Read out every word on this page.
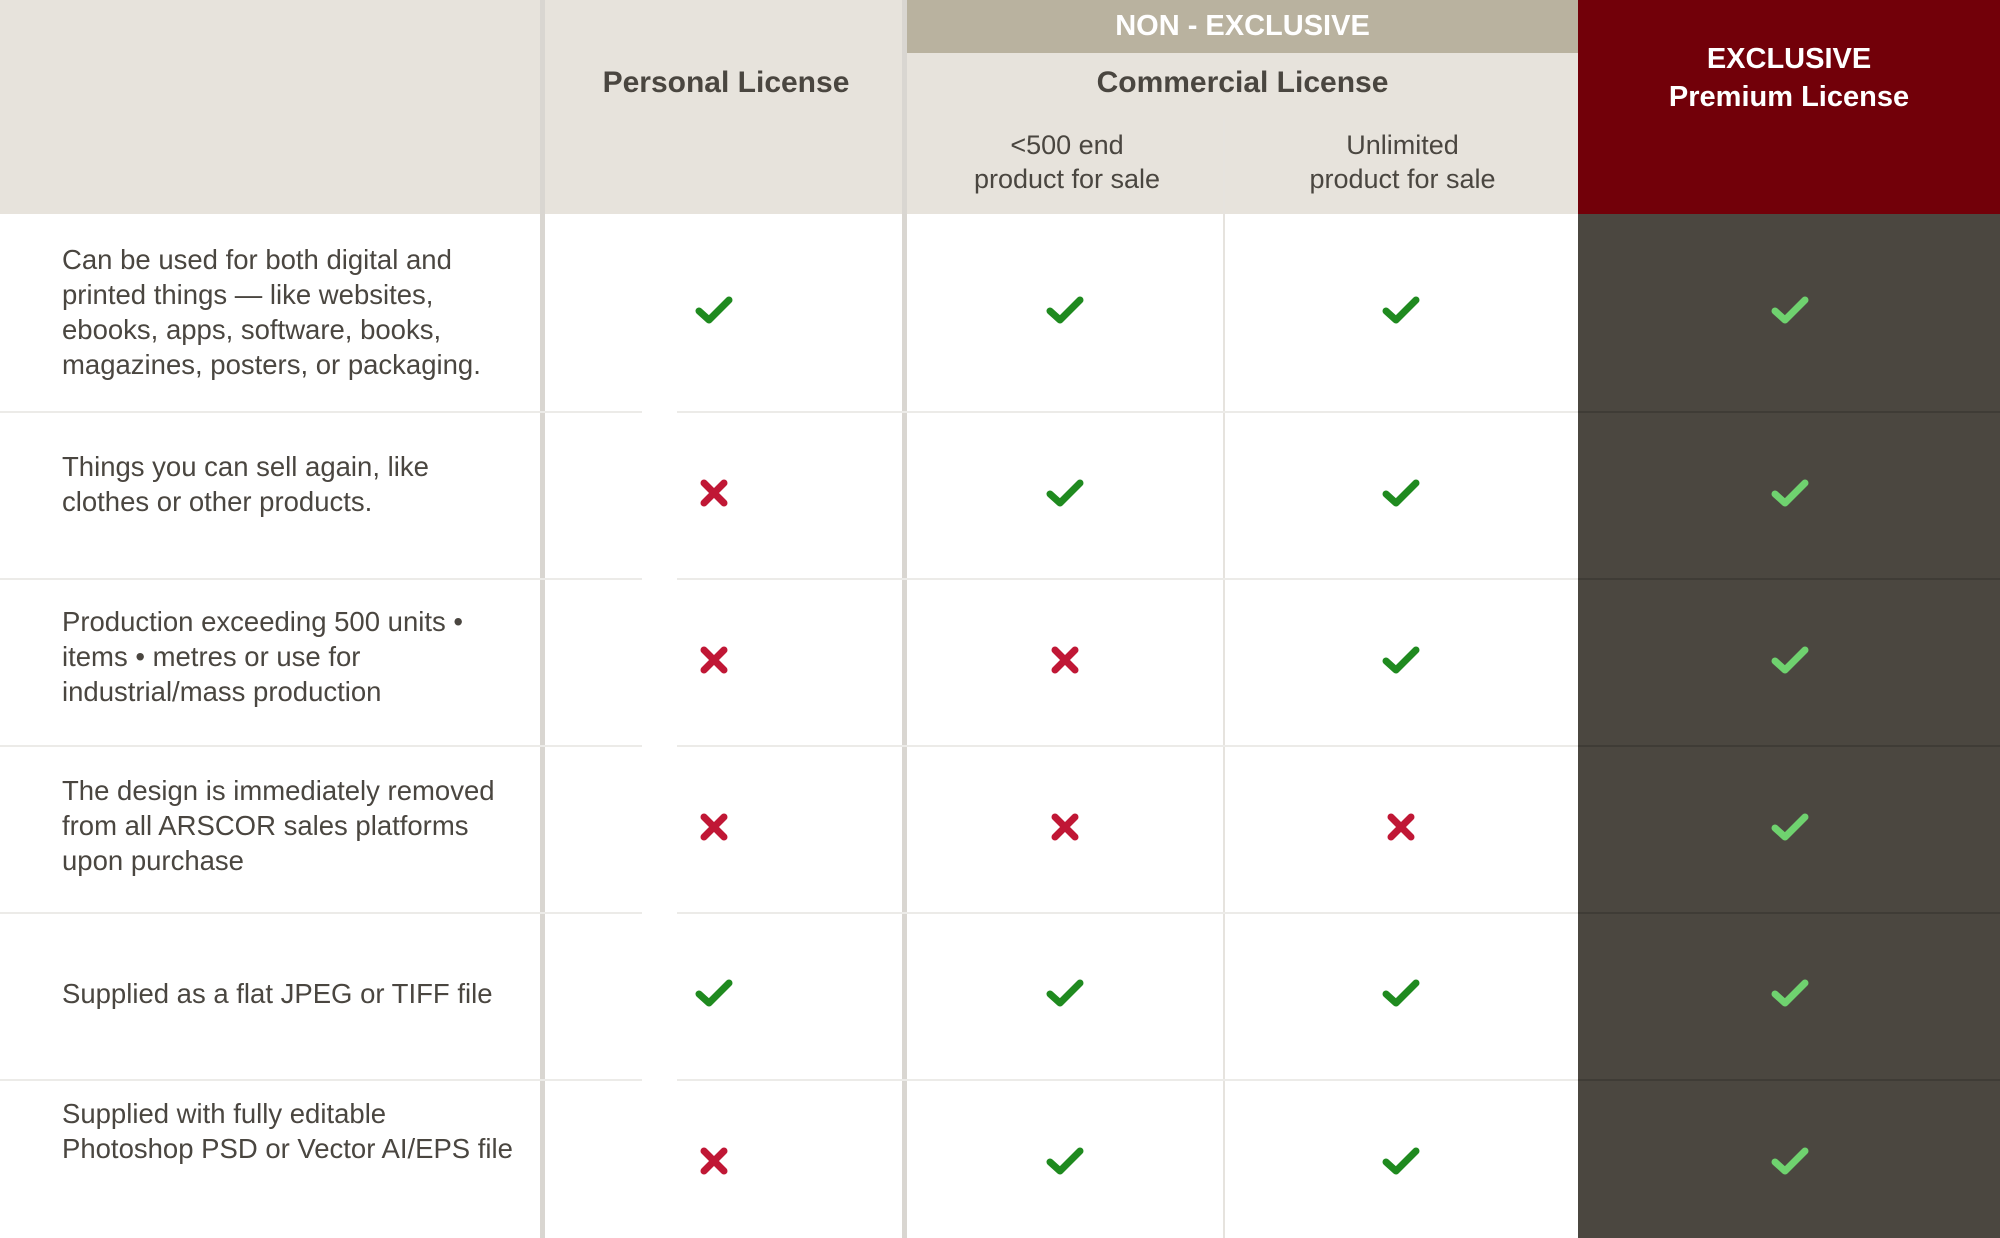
NON - EXCLUSIVE
Personal License	Commercial License
<500 end
product for sale
Unlimited
product for sale
EXCLUSIVE
Premium License
Can be used for both digital and printed things — like websites, ebooks, apps, software, books, magazines, posters, or packaging.
Things you can sell again, like clothes or other products.
Production exceeding 500 units • items • metres or use for industrial/mass production
The design is immediately removed from all ARSCOR sales platforms upon purchase
Supplied as a flat JPEG or TIFF file
Supplied with fully editable Photoshop PSD or Vector AI/EPS file
